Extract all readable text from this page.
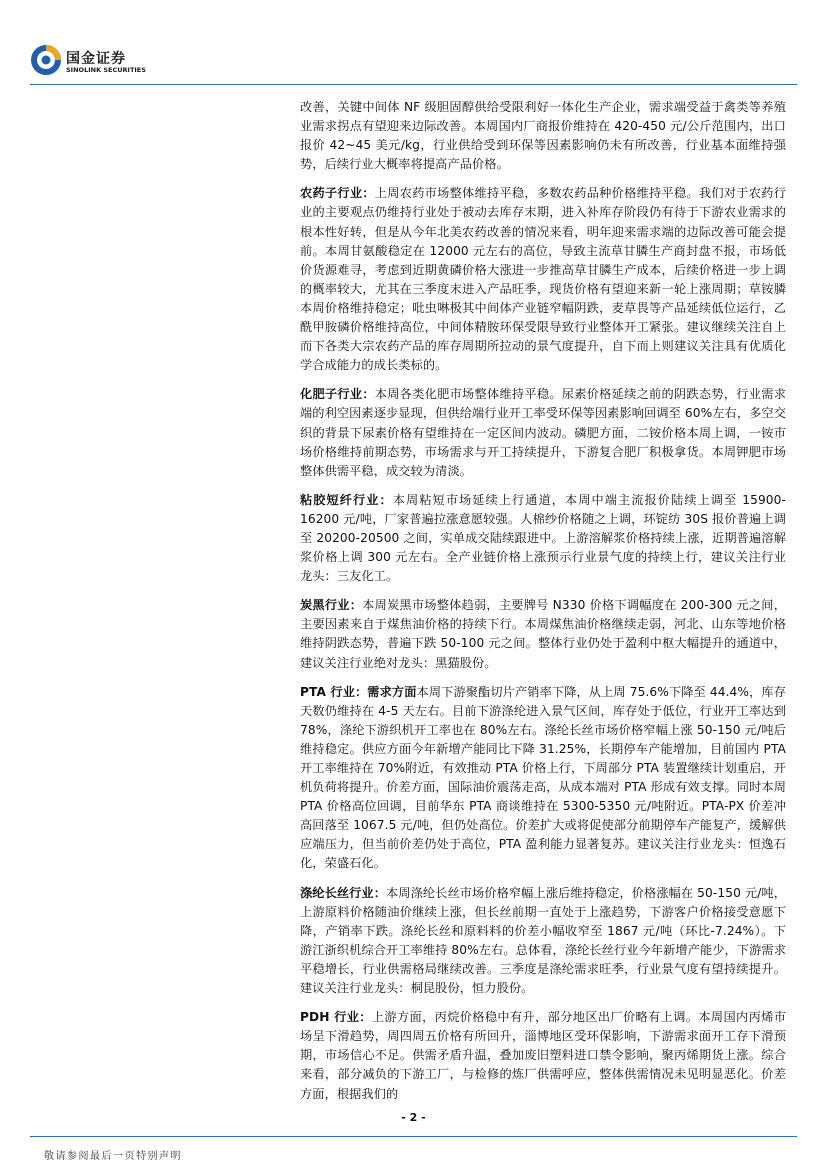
国金证券
SINOLINK SECURITIES

改善，关键中间体 NF 级胆固醇供给受限利好一体化生产企业，需求端受益于禽类等养殖业需求拐点有望迎来边际改善。本周国内厂商报价维持在 420-450 元/公斤范围内，出口报价 42~45 美元/kg，行业供给受到环保等因素影响仍未有所改善，行业基本面维持强势，后续行业大概率将提高产品价格。

农药子行业：上周农药市场整体维持平稳，多数农药品种价格维持平稳。我们对于农药行业的主要观点仍维持行业处于被动去库存末期，进入补库存阶段仍有待于下游农业需求的根本性好转，但是从今年北美农药改善的情况来看，明年迎来需求端的边际改善可能会提前。本周甘氨酸稳定在 12000 元左右的高位，导致主流草甘膦生产商封盘不报，市场低价货源难寻，考虑到近期黄磷价格大涨进一步推高草甘膦生产成本，后续价格进一步上调的概率较大，尤其在三季度末进入产品旺季，现货价格有望迎来新一轮上涨周期；草铵膦本周价格维持稳定；吡虫啉极其中间体产业链窄幅阴跌，麦草畏等产品延续低位运行，乙酰甲胺磷价格维持高位，中间体精胺环保受限导致行业整体开工紧张。建议继续关注自上而下各类大宗农药产品的库存周期所拉动的景气度提升，自下而上则建议关注具有优质化学合成能力的成长类标的。

化肥子行业：本周各类化肥市场整体维持平稳。尿素价格延续之前的阴跌态势，行业需求端的利空因素逐步显现，但供给端行业开工率受环保等因素影响回调至 60%左右，多空交织的背景下尿素价格有望维持在一定区间内波动。磷肥方面，二铵价格本周上调，一铵市场价格维持前期态势，市场需求与开工持续提升，下游复合肥厂积极拿货。本周钾肥市场整体供需平稳，成交较为清淡。

粘胶短纤行业：本周粘短市场延续上行通道，本周中端主流报价陆续上调至 15900-16200 元/吨，厂家普遍拉涨意愿较强。人棉纱价格随之上调，环锭纺 30S 报价普遍上调至 20200-20500 之间，实单成交陆续跟进中。上游溶解浆价格持续上涨，近期普遍溶解浆价格上调 300 元左右。全产业链价格上涨预示行业景气度的持续上行，建议关注行业龙头：三友化工。

炭黑行业：本周炭黑市场整体趋弱，主要牌号 N330 价格下调幅度在 200-300 元之间，主要因素来自于煤焦油价格的持续下行。本周煤焦油价格继续走弱，河北、山东等地价格维持阴跌态势，普遍下跌 50-100 元之间。整体行业仍处于盈利中枢大幅提升的通道中，建议关注行业绝对龙头：黑猫股份。

PTA 行业：需求方面本周下游聚酯切片产销率下降，从上周 75.6%下降至 44.4%，库存天数仍维持在 4-5 天左右。目前下游涤纶进入景气区间，库存处于低位，行业开工率达到 78%，涤纶下游织机开工率也在 80%左右。涤纶长丝市场价格窄幅上涨 50-150 元/吨后维持稳定。供应方面今年新增产能同比下降 31.25%，长期停车产能增加，目前国内 PTA 开工率维持在 70%附近，有效推动 PTA 价格上行，下周部分 PTA 装置继续计划重启，开机负荷将提升。价差方面，国际油价震荡走高，从成本端对 PTA 形成有效支撑。同时本周 PTA 价格高位回调，目前华东 PTA 商谈维持在 5300-5350 元/吨附近。PTA-PX 价差冲高回落至 1067.5 元/吨，但仍处高位。价差扩大或将促使部分前期停车产能复产，缓解供应端压力，但当前价差仍处于高位，PTA 盈利能力显著复苏。建议关注行业龙头：恒逸石化，荣盛石化。

涤纶长丝行业：本周涤纶长丝市场价格窄幅上涨后维持稳定，价格涨幅在 50-150 元/吨，上游原料价格随油价继续上涨，但长丝前期一直处于上涨趋势，下游客户价格接受意愿下降，产销率下跌。涤纶长丝和原料料的价差小幅收窄至 1867 元/吨（环比-7.24%）。下游江浙织机综合开工率维持 80%左右。总体看，涤纶长丝行业今年新增产能少，下游需求平稳增长，行业供需格局继续改善。三季度是涤纶需求旺季，行业景气度有望持续提升。建议关注行业龙头：桐昆股份，恒力股份。

PDH 行业：上游方面，丙烷价格稳中有升，部分地区出厂价略有上调。本周国内丙烯市场呈下滑趋势，周四周五价格有所回升，淄博地区受环保影响，下游需求面开工存下滑预期，市场信心不足。供需矛盾升温，叠加废旧塑料进口禁令影响，聚丙烯期货上涨。综合来看，部分减负的下游工厂，与检修的炼厂供需呼应，整体供需情况未见明显恶化。价差方面，根据我们的

- 2 -
敬请参阅最后一页特别声明
